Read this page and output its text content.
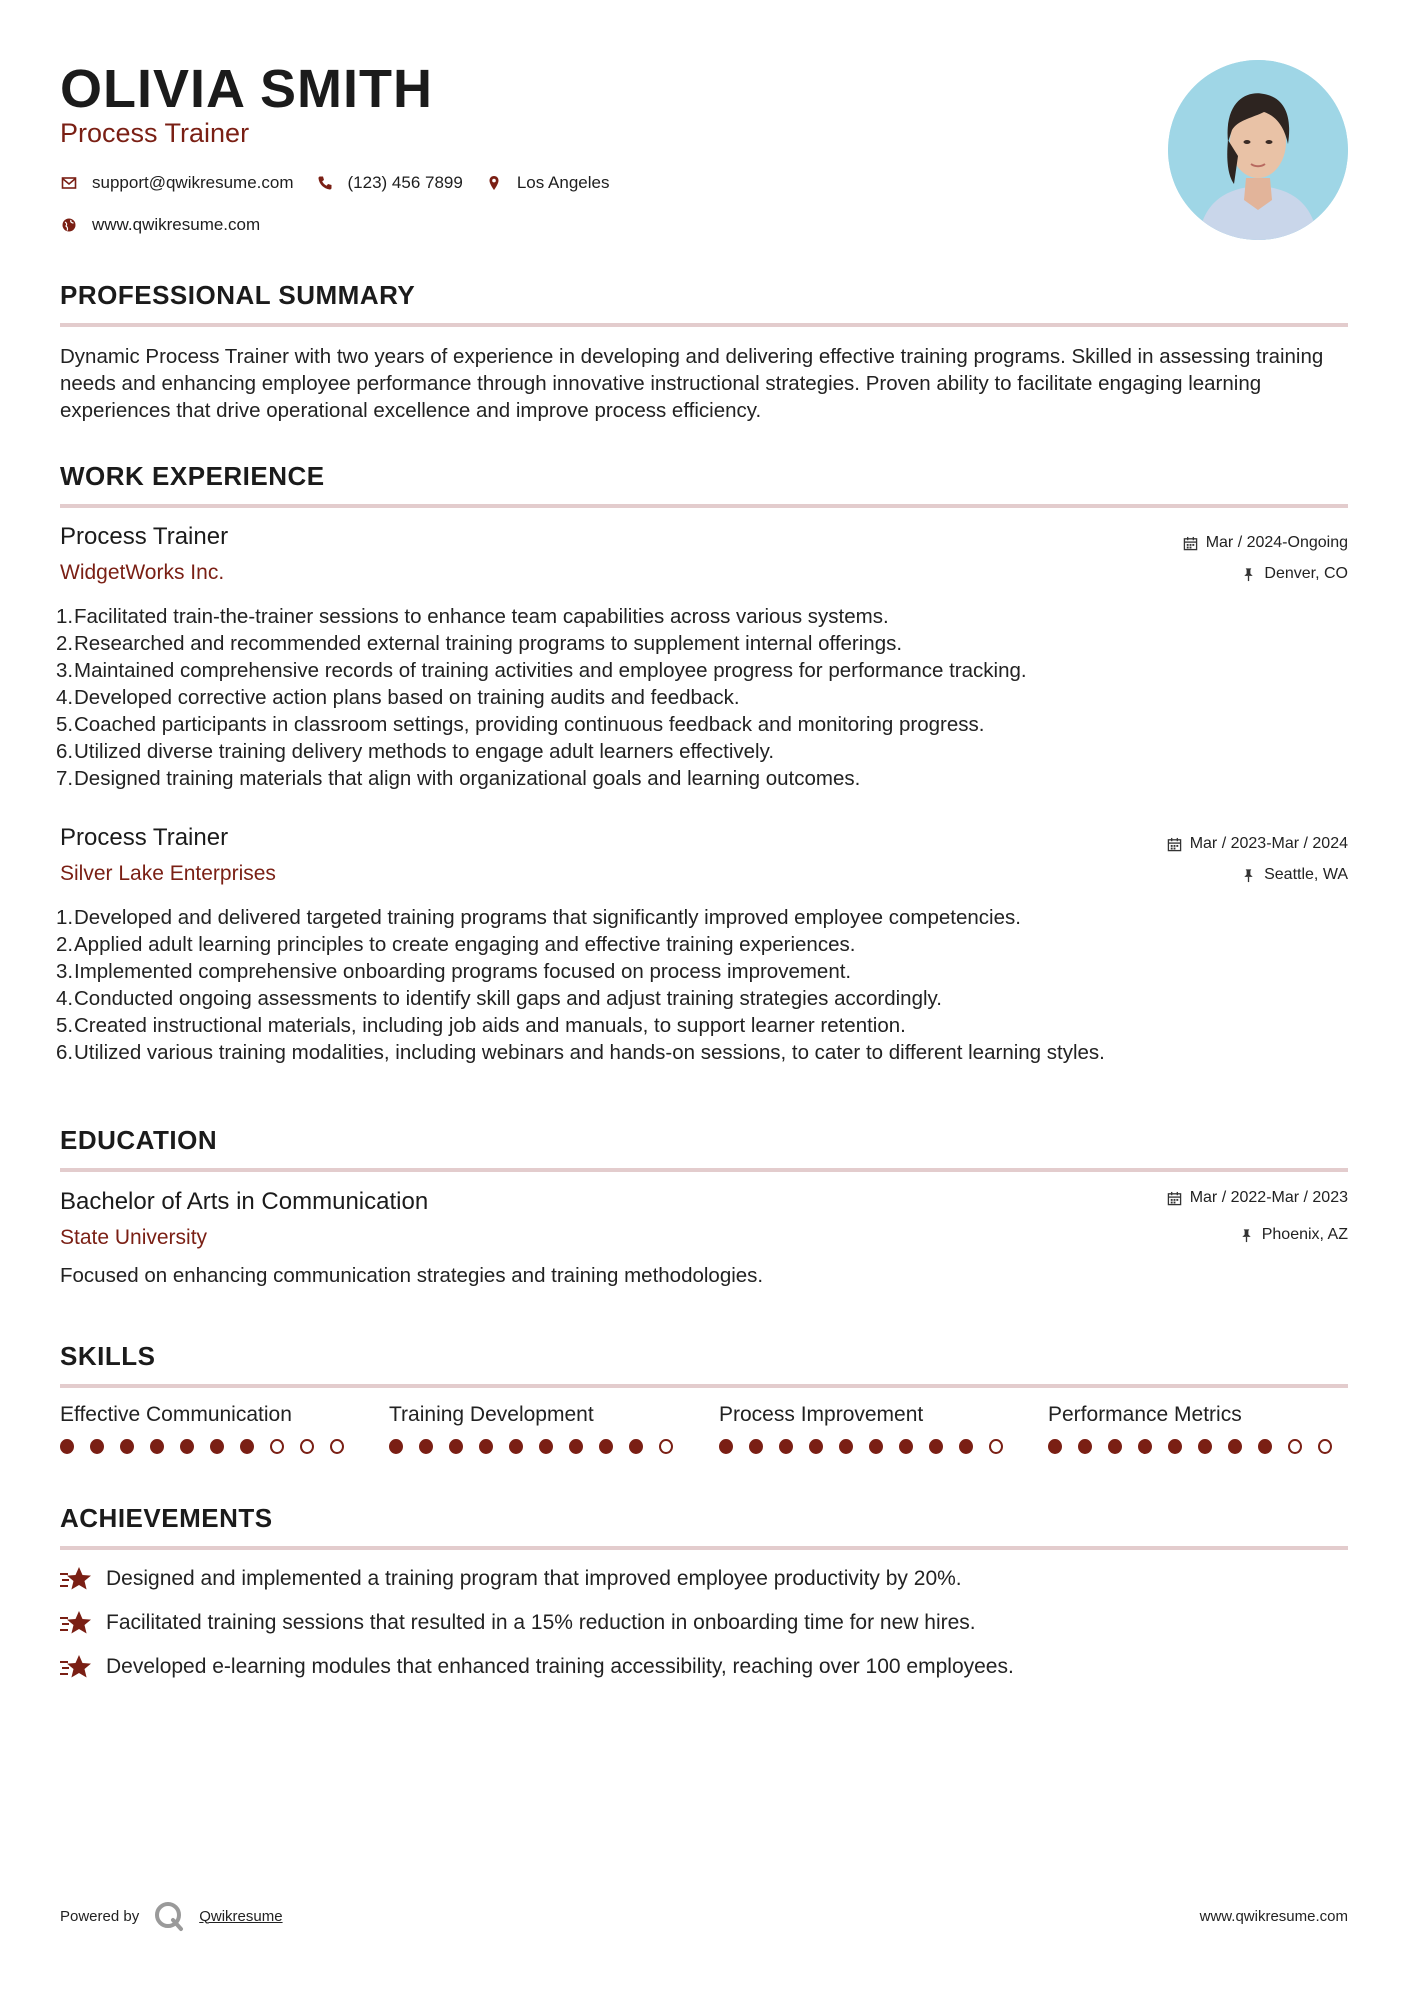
OLIVIA SMITH
Process Trainer
support@qwikresume.com	(123) 456 7899	Los Angeles
www.qwikresume.com
PROFESSIONAL SUMMARY
Dynamic Process Trainer with two years of experience in developing and delivering effective training programs. Skilled in assessing training needs and enhancing employee performance through innovative instructional strategies. Proven ability to facilitate engaging learning experiences that drive operational excellence and improve process efficiency.
WORK EXPERIENCE
Process Trainer
WidgetWorks Inc.
Mar / 2024-Ongoing
Denver, CO
1.Facilitated train-the-trainer sessions to enhance team capabilities across various systems.
2.Researched and recommended external training programs to supplement internal offerings.
3.Maintained comprehensive records of training activities and employee progress for performance tracking.
4.Developed corrective action plans based on training audits and feedback.
5.Coached participants in classroom settings, providing continuous feedback and monitoring progress.
6.Utilized diverse training delivery methods to engage adult learners effectively.
7.Designed training materials that align with organizational goals and learning outcomes.
Process Trainer
Silver Lake Enterprises
Mar / 2023-Mar / 2024
Seattle, WA
1.Developed and delivered targeted training programs that significantly improved employee competencies.
2.Applied adult learning principles to create engaging and effective training experiences.
3.Implemented comprehensive onboarding programs focused on process improvement.
4.Conducted ongoing assessments to identify skill gaps and adjust training strategies accordingly.
5.Created instructional materials, including job aids and manuals, to support learner retention.
6.Utilized various training modalities, including webinars and hands-on sessions, to cater to different learning styles.
EDUCATION
Bachelor of Arts in Communication
State University
Mar / 2022-Mar / 2023
Phoenix, AZ
Focused on enhancing communication strategies and training methodologies.
SKILLS
Effective Communication	Training Development	Process Improvement	Performance Metrics
ACHIEVEMENTS
Designed and implemented a training program that improved employee productivity by 20%.
Facilitated training sessions that resulted in a 15% reduction in onboarding time for new hires.
Developed e-learning modules that enhanced training accessibility, reaching over 100 employees.
Powered by	Qwikresume	www.qwikresume.com
